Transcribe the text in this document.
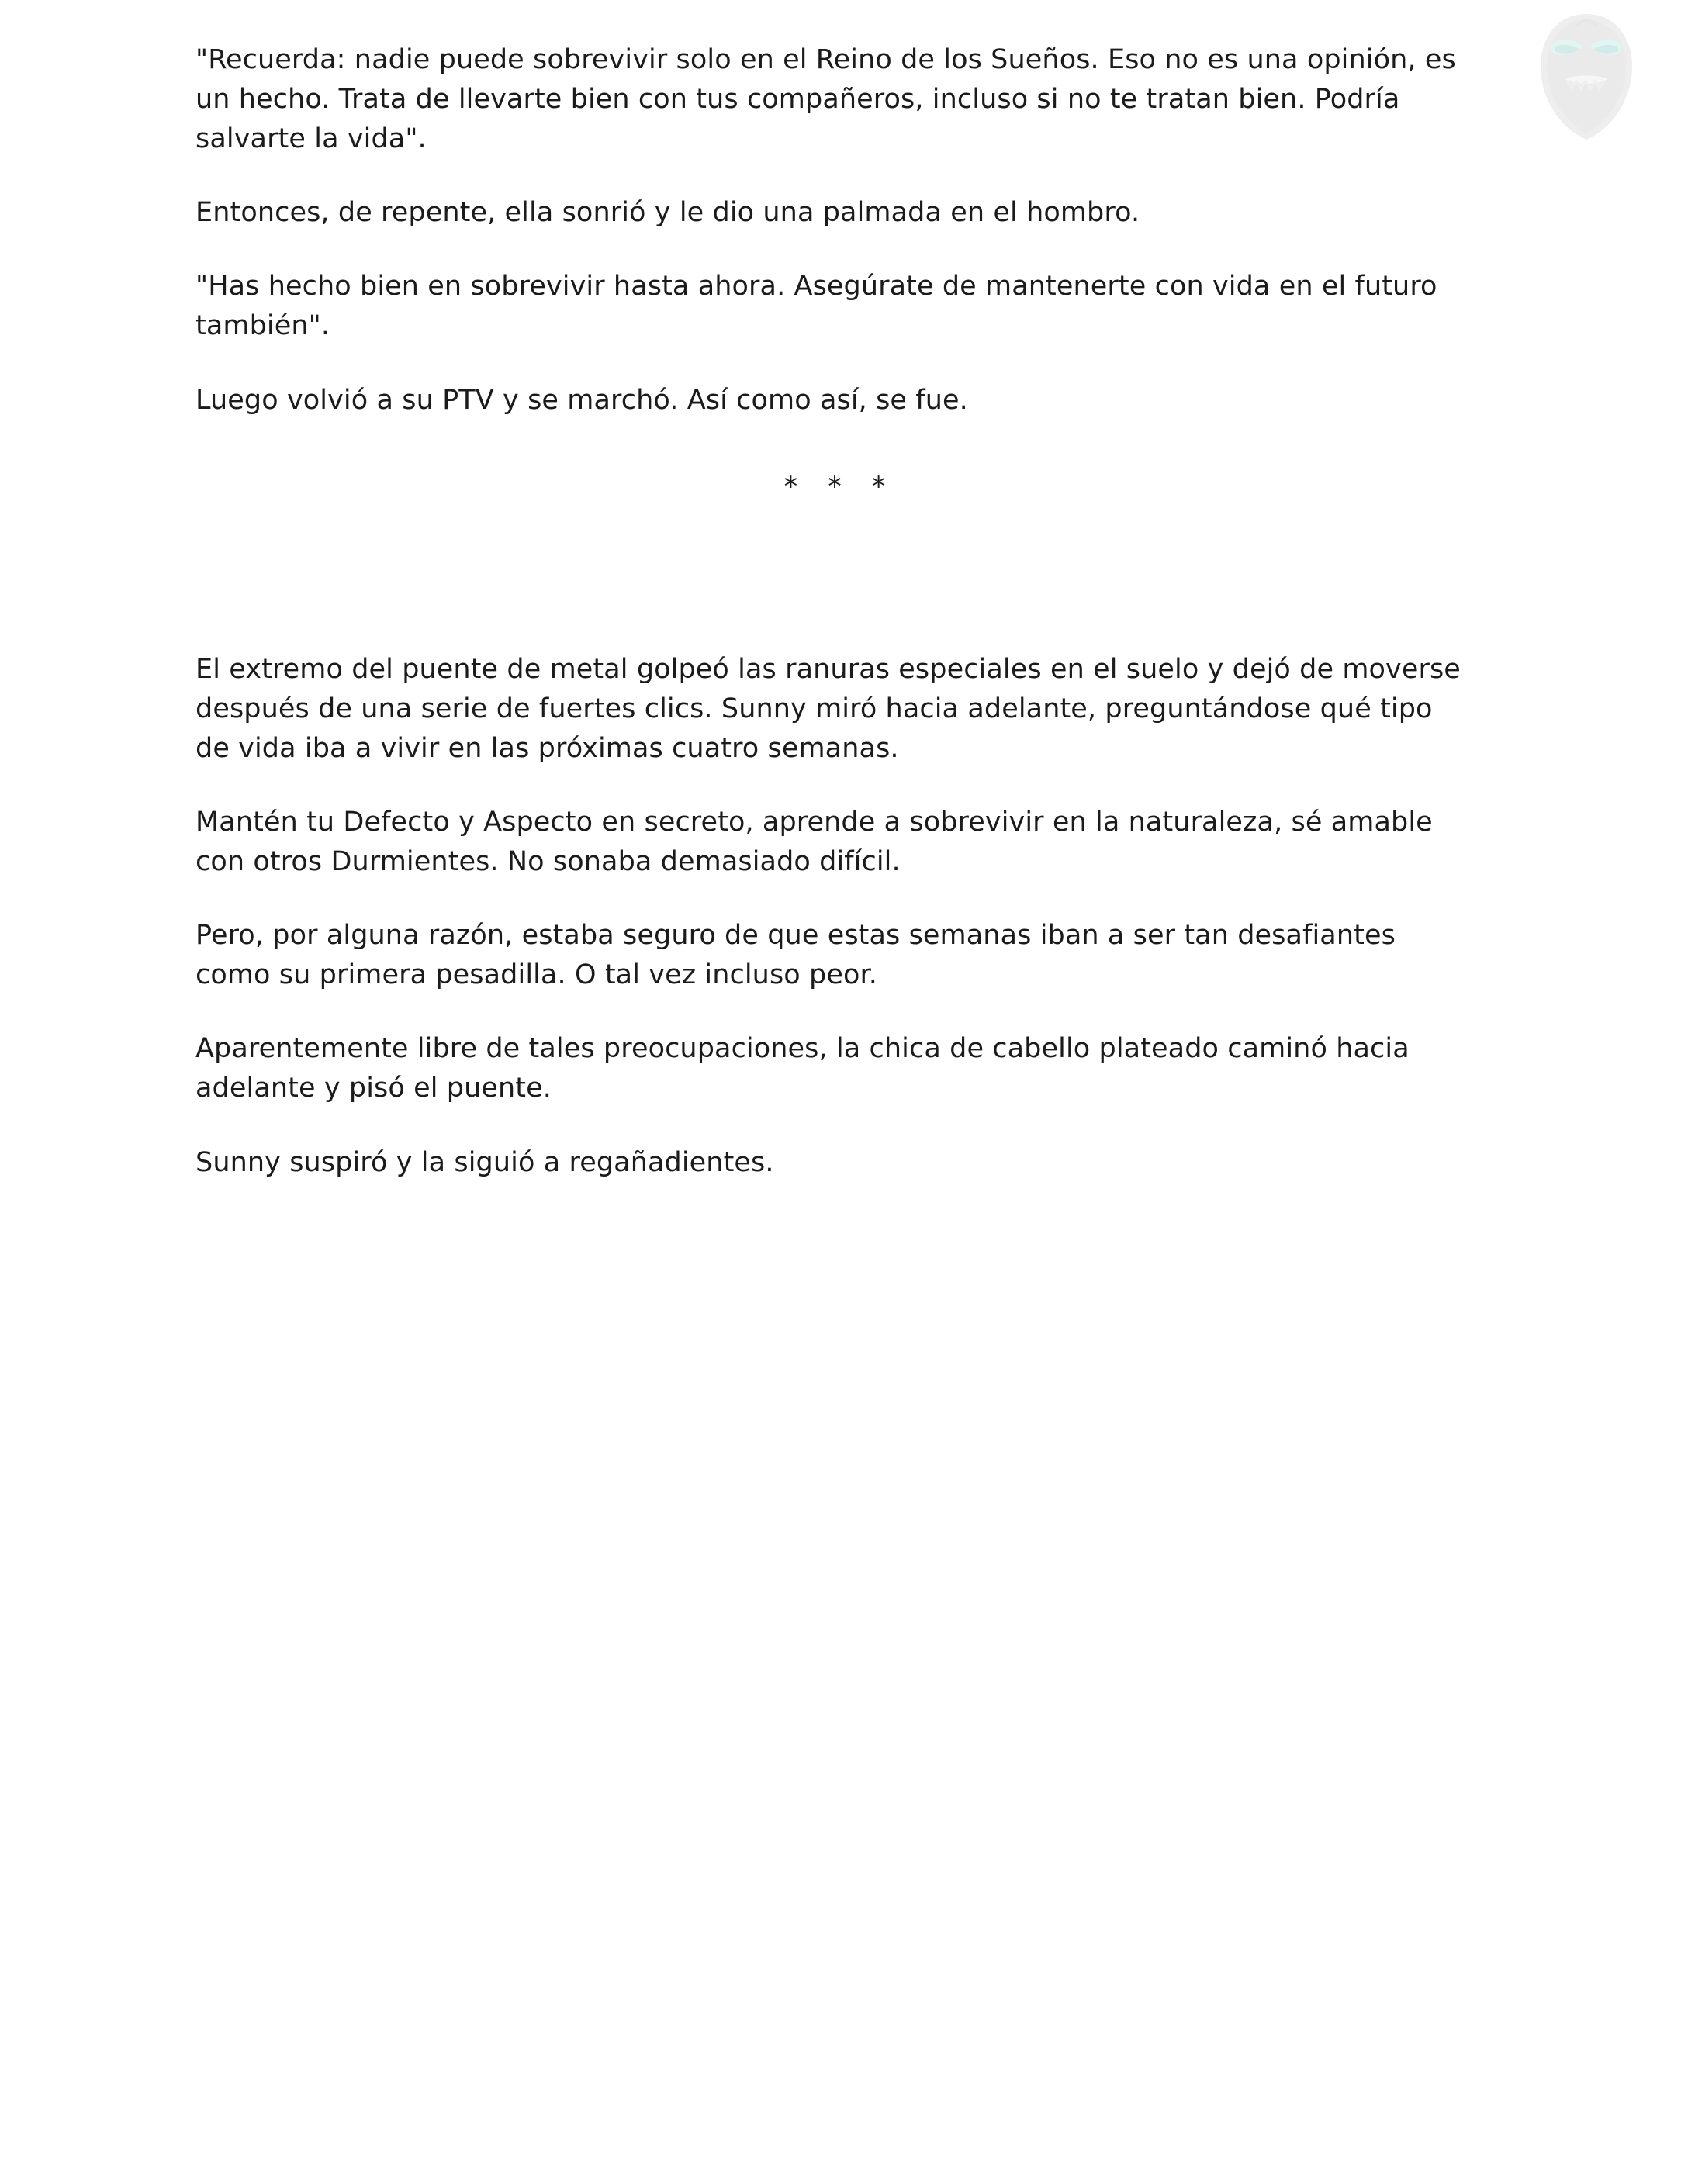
"Recuerda: nadie puede sobrevivir solo en el Reino de los Sueños. Eso no es una opinión, es un hecho. Trata de llevarte bien con tus compañeros, incluso si no te tratan bien. Podría salvarte la vida".

Entonces, de repente, ella sonrió y le dio una palmada en el hombro.

"Has hecho bien en sobrevivir hasta ahora. Asegúrate de mantenerte con vida en el futuro también".

Luego volvió a su PTV y se marchó. Así como así, se fue.

* * *

El extremo del puente de metal golpeó las ranuras especiales en el suelo y dejó de moverse después de una serie de fuertes clics. Sunny miró hacia adelante, preguntándose qué tipo de vida iba a vivir en las próximas cuatro semanas.

Mantén tu Defecto y Aspecto en secreto, aprende a sobrevivir en la naturaleza, sé amable con otros Durmientes. No sonaba demasiado difícil.

Pero, por alguna razón, estaba seguro de que estas semanas iban a ser tan desafiantes como su primera pesadilla. O tal vez incluso peor.

Aparentemente libre de tales preocupaciones, la chica de cabello plateado caminó hacia adelante y pisó el puente.

Sunny suspiró y la siguió a regañadientes.
